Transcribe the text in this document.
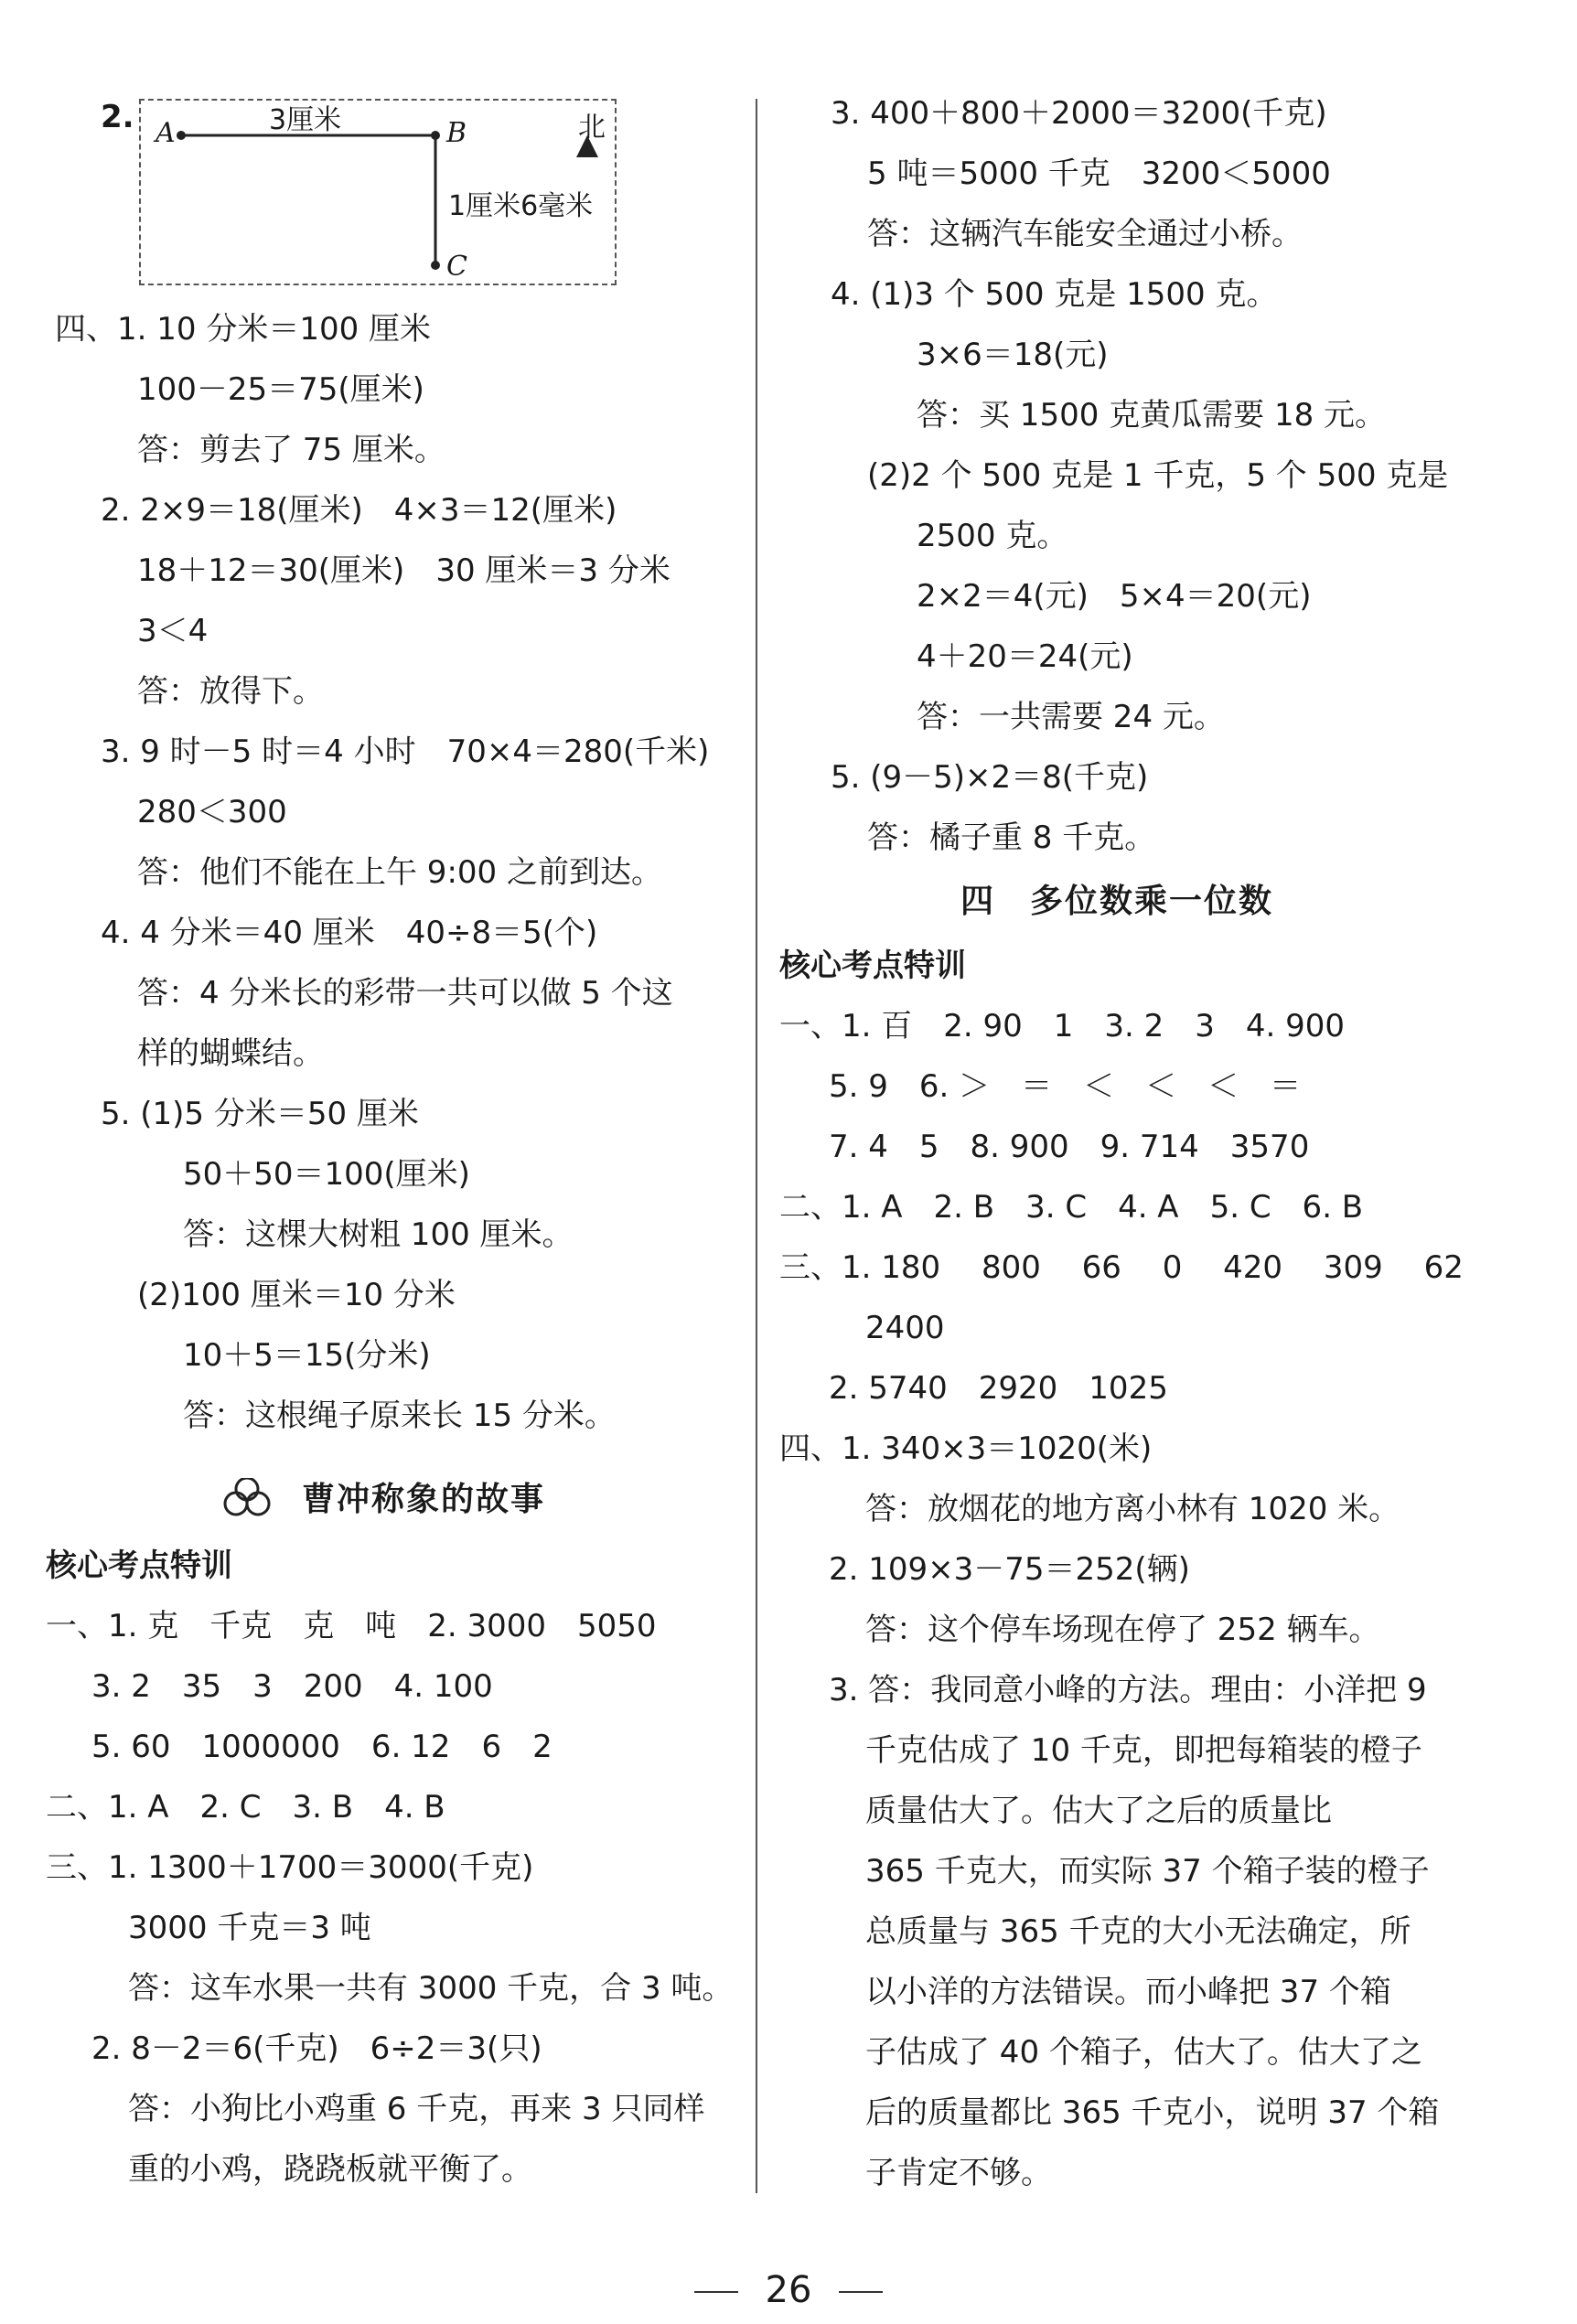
A	3厘米	B	北
1厘米6毫米
C
2.
四、1. 10 分米＝100 厘米
100－25＝75(厘米)
答：剪去了 75 厘米。
2. 2×9＝18(厘米)　4×3＝12(厘米)
18＋12＝30(厘米)　30 厘米＝3 分米
3＜4
答：放得下。
3. 9 时－5 时＝4 小时　70×4＝280(千米)
280＜300
答：他们不能在上午 9:00 之前到达。
4. 4 分米＝40 厘米　40÷8＝5(个)
答：4 分米长的彩带一共可以做 5 个这
样的蝴蝶结。
5. (1)5 分米＝50 厘米
50＋50＝100(厘米)
答：这棵大树粗 100 厘米。
(2)100 厘米＝10 分米
10＋5＝15(分米)
答：这根绳子原来长 15 分米。

曹冲称象的故事

核心考点特训
一、1. 克　千克　克　吨　2. 3000　5050
3. 2　35　3　200　4. 100
5. 60　1000000　6. 12　6　2
二、1. A　2. C　3. B　4. B
三、1. 1300＋1700＝3000(千克)
3000 千克＝3 吨
答：这车水果一共有 3000 千克，合 3 吨。
2. 8－2＝6(千克)　6÷2＝3(只)
答：小狗比小鸡重 6 千克，再来 3 只同样
重的小鸡，跷跷板就平衡了。
3. 400＋800＋2000＝3200(千克)
5 吨＝5000 千克　3200＜5000
答：这辆汽车能安全通过小桥。
4. (1)3 个 500 克是 1500 克。
3×6＝18(元)
答：买 1500 克黄瓜需要 18 元。
(2)2 个 500 克是 1 千克，5 个 500 克是
2500 克。
2×2＝4(元)　5×4＝20(元)
4＋20＝24(元)
答：一共需要 24 元。
5. (9－5)×2＝8(千克)
答：橘子重 8 千克。
四　多位数乘一位数
核心考点特训
一、1. 百　2. 90　1　3. 2　3　4. 900
5. 9　6. ＞　＝　＜　＜　＜　＝
7. 4　5　8. 900　9. 714　3570
二、1. A　2. B　3. C　4. A　5. C　6. B
三、1. 180　 800　 66　 0　 420　 309　 62
2400
2. 5740　2920　1025
四、1. 340×3＝1020(米)
答：放烟花的地方离小林有 1020 米。
2. 109×3－75＝252(辆)
答：这个停车场现在停了 252 辆车。
3. 答：我同意小峰的方法。理由：小洋把 9
千克估成了 10 千克，即把每箱装的橙子
质量估大了。估大了之后的质量比
365 千克大，而实际 37 个箱子装的橙子
总质量与 365 千克的大小无法确定，所
以小洋的方法错误。而小峰把 37 个箱
子估成了 40 个箱子，估大了。估大了之
后的质量都比 365 千克小，说明 37 个箱
子肯定不够。
26
